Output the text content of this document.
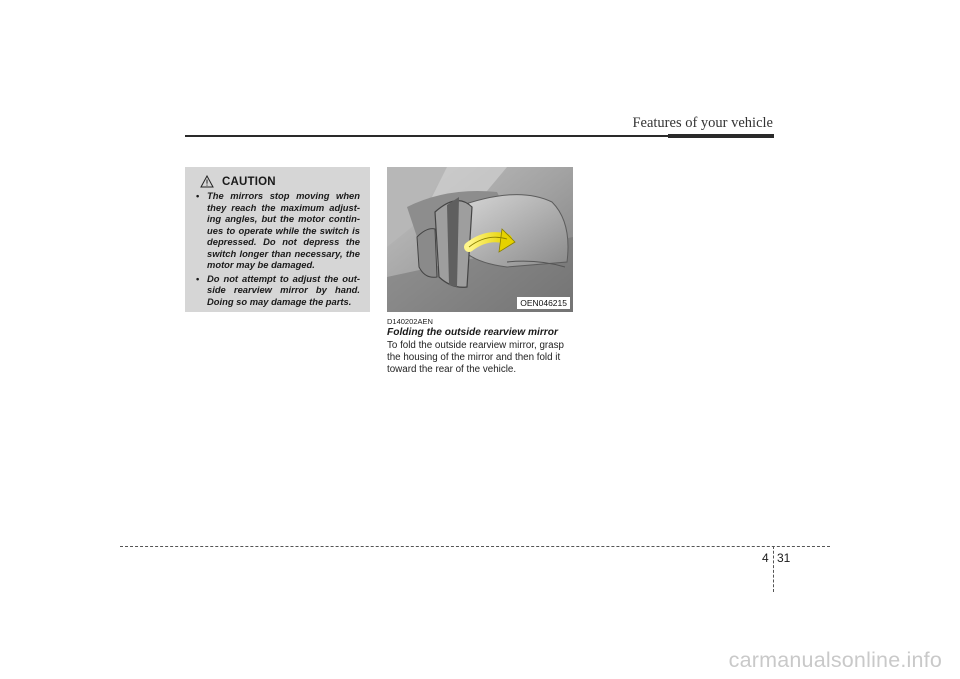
Features of your vehicle
CAUTION
• The mirrors stop moving when they reach the maximum adjust-ing angles, but the motor contin-ues to operate while the switch is depressed. Do not depress the switch longer than necessary, the motor may be damaged.
• Do not attempt to adjust the out-side rearview mirror by hand. Doing so may damage the parts.	OEN046215
D140202AEN
Folding the outside rearview mirror
To fold the outside rearview mirror, grasp the housing of the mirror and then fold it toward the rear of the vehicle.
4 31
carmanualsonline.info
